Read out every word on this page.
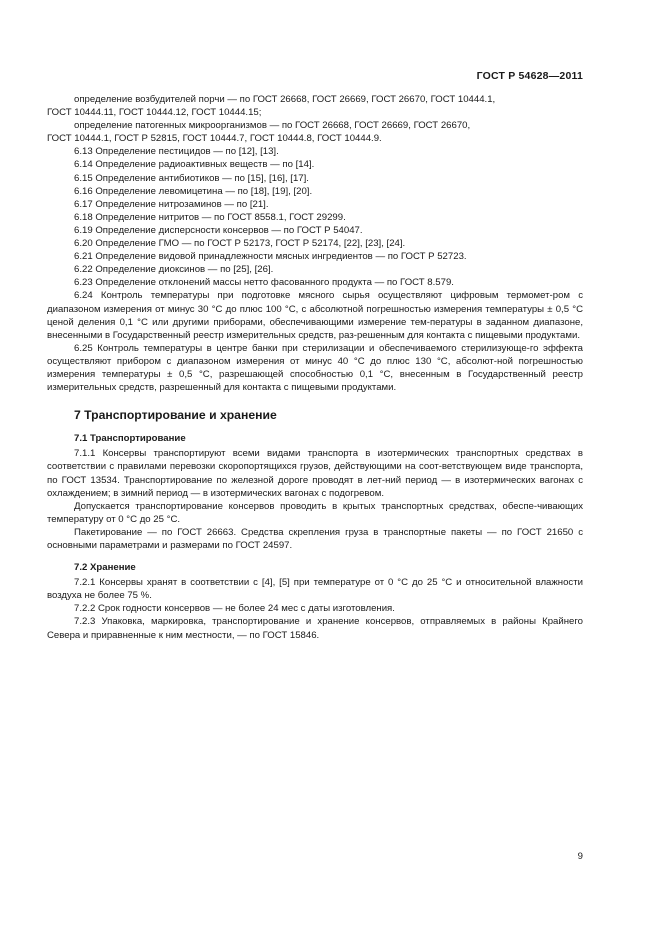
ГОСТ Р 54628—2011

определение возбудителей порчи — по ГОСТ 26668, ГОСТ 26669, ГОСТ 26670, ГОСТ 10444.1,

ГОСТ 10444.11, ГОСТ 10444.12, ГОСТ 10444.15;

определение патогенных микроорганизмов — по ГОСТ 26668, ГОСТ 26669, ГОСТ 26670,

ГОСТ 10444.1, ГОСТ Р 52815, ГОСТ 10444.7, ГОСТ 10444.8, ГОСТ 10444.9.

6.13 Определение пестицидов — по [12], [13].

6.14 Определение радиоактивных веществ — по [14].

6.15 Определение антибиотиков — по [15], [16], [17].

6.16 Определение левомицетина — по [18], [19], [20].

6.17 Определение нитрозаминов — по [21].

6.18 Определение нитритов — по ГОСТ 8558.1, ГОСТ 29299.

6.19 Определение дисперсности консервов — по ГОСТ Р 54047.

6.20 Определение ГМО — по ГОСТ Р 52173, ГОСТ Р 52174, [22], [23], [24].

6.21 Определение видовой принадлежности мясных ингредиентов — по ГОСТ Р 52723.

6.22 Определение диоксинов — по [25], [26].

6.23 Определение отклонений массы нетто фасованного продукта — по ГОСТ 8.579.

6.24 Контроль температуры при подготовке мясного сырья осуществляют цифровым термомет-ром с диапазоном измерения от минус 30 °С до плюс 100 °С, с абсолютной погрешностью измерения температуры ± 0,5 °С ценой деления 0,1 °С или другими приборами, обеспечивающими измерение тем-пературы в заданном диапазоне, внесенными в Государственный реестр измерительных средств, раз-решенным для контакта с пищевыми продуктами.

6.25 Контроль температуры в центре банки при стерилизации и обеспечиваемого стерилизующе-го эффекта осуществляют прибором с диапазоном измерения от минус 40 °С до плюс 130 °С, абсолют-ной погрешностью измерения температуры ± 0,5 °С, разрешающей способностью 0,1 °С, внесенным в Государственный реестр измерительных средств, разрешенный для контакта с пищевыми продуктами.

7 Транспортирование и хранение
7.1 Транспортирование

7.1.1 Консервы транспортируют всеми видами транспорта в изотермических транспортных средствах в соответствии с правилами перевозки скоропортящихся грузов, действующими на соот-ветствующем виде транспорта, по ГОСТ 13534. Транспортирование по железной дороге проводят в лет-ний период — в изотермических вагонах с охлаждением; в зимний период — в изотермических вагонах с подогревом.

Допускается транспортирование консервов проводить в крытых транспортных средствах, обеспе-чивающих температуру от 0 °С до 25 °С.

Пакетирование — по ГОСТ 26663. Средства скрепления груза в транспортные пакеты — по ГОСТ 21650 с основными параметрами и размерами по ГОСТ 24597.

7.2 Хранение

7.2.1 Консервы хранят в соответствии с [4], [5] при температуре от 0 °С до 25 °С и относительной влажности воздуха не более 75 %.

7.2.2 Срок годности консервов — не более 24 мес с даты изготовления.

7.2.3 Упаковка, маркировка, транспортирование и хранение консервов, отправляемых в районы Крайнего Севера и приравненные к ним местности, — по ГОСТ 15846.

9
